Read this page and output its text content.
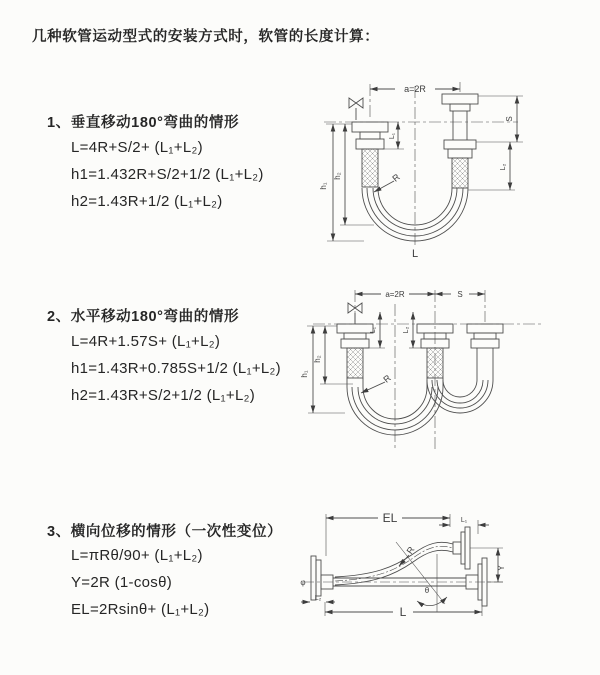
几种软管运动型式的安装方式时，软管的长度计算：
1、垂直移动180°弯曲的情形
L=4R+S/2+ (L₁+L₂)
h1=1.432R+S/2+1/2 (L₁+L₂)
h2=1.43R+1/2 (L₁+L₂)
2、水平移动180°弯曲的情形
L=4R+1.57S+ (L₁+L₂)
h1=1.43R+0.785S+1/2 (L₁+L₂)
h2=1.43R+S/2+1/2 (L₁+L₂)
3、横向位移的情形（一次性变位）
L=πRθ/90+ (L₁+L₂)
Y=2R (1-cosθ)
EL=2Rsinθ+ (L₁+L₂)
a=2R
h₁
h₂
L₁
S
L₂
R
L
a=2R	S
h₁
h₂
L₁	L₂
R
EL	L₁
Y
R
θ
L
L₂
φ
